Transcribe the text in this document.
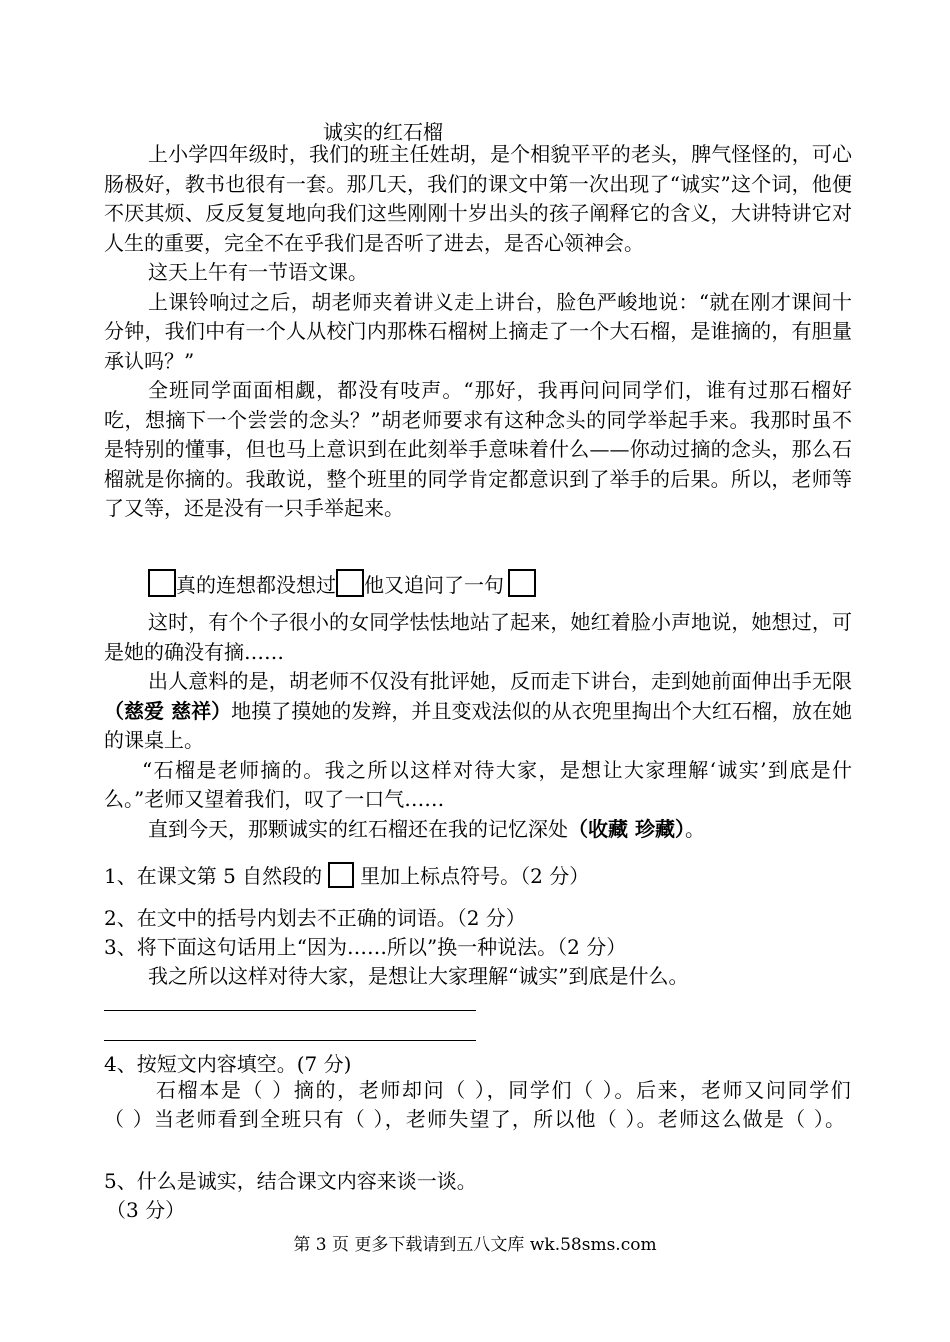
诚实的红石榴

上小学四年级时，我们的班主任姓胡，是个相貌平平的老头，脾气怪怪的，可心肠极好，教书也很有一套。那几天，我们的课文中第一次出现了“诚实”这个词，他便不厌其烦、反反复复地向我们这些刚刚十岁出头的孩子阐释它的含义，大讲特讲它对人生的重要，完全不在乎我们是否听了进去，是否心领神会。

这天上午有一节语文课。

上课铃响过之后，胡老师夹着讲义走上讲台，脸色严峻地说：“就在刚才课间十分钟，我们中有一个人从校门内那株石榴树上摘走了一个大石榴，是谁摘的，有胆量承认吗？”

全班同学面面相觑，都没有吱声。“那好，我再问问同学们，谁有过那石榴好吃，想摘下一个尝尝的念头？”胡老师要求有这种念头的同学举起手来。我那时虽不是特别的懂事，但也马上意识到在此刻举手意味着什么——你动过摘的念头，那么石榴就是你摘的。我敢说，整个班里的同学肯定都意识到了举手的后果。所以，老师等了又等，还是没有一只手举起来。

真的连想都没想过 他又追问了一句

这时，有个个子很小的女同学怯怯地站了起来，她红着脸小声地说，她想过，可是她的确没有摘……

出人意料的是，胡老师不仅没有批评她，反而走下讲台，走到她前面伸出手无限（慈爱 慈祥）地摸了摸她的发辫，并且变戏法似的从衣兜里掏出个大红石榴，放在她的课桌上。

“石榴是老师摘的。我之所以这样对待大家，是想让大家理解‘诚实’到底是什么。”老师又望着我们，叹了一口气……

直到今天，那颗诚实的红石榴还在我的记忆深处（收藏 珍藏）。

1、在课文第 5 自然段的 里加上标点符号。（2 分）
2、在文中的括号内划去不正确的词语。（2 分）
3、将下面这句话用上“因为……所以”换一种说法。（2 分）
我之所以这样对待大家，是想让大家理解“诚实”到底是什么。
4、按短文内容填空。(7 分)

石榴本是（ ）摘的，老师却问（ ），同学们（ ）。后来，老师又问同学们（ ）当老师看到全班只有（ ），老师失望了，所以他（ ）。老师这么做是（ ）。

5、什么是诚实，结合课文内容来谈一谈。
（3 分）
第 3 页 更多下载请到五八文库 wk.58sms.com
